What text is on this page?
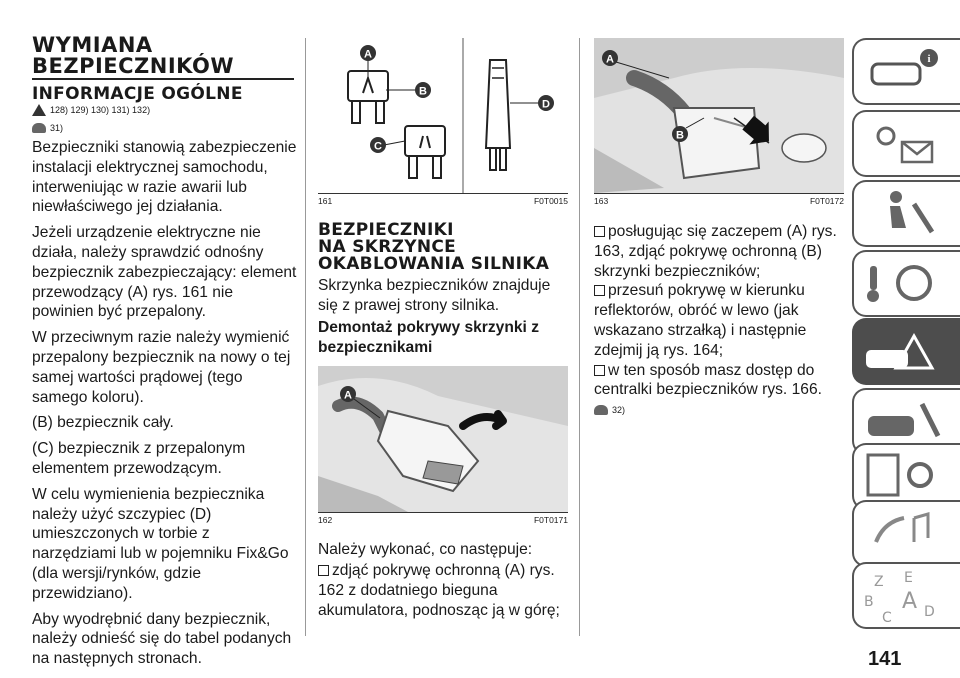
WYMIANA
BEZPIECZNIKÓW
INFORMACJE OGÓLNE
128) 129) 130) 131) 132)
31)

Bezpieczniki stanowią zabezpieczenie instalacji elektrycznej samochodu, interweniując w razie awarii lub niewłaściwego jej działania.

Jeżeli urządzenie elektryczne nie działa, należy sprawdzić odnośny bezpiecznik zabezpieczający: element przewodzący (A) rys. 161 nie powinien być przepalony.

W przeciwnym razie należy wymienić przepalony bezpiecznik na nowy o tej samej wartości prądowej (tego samego koloru).

(B) bezpiecznik cały.

(C) bezpiecznik z przepalonym elementem przewodzącym.

W celu wymienienia bezpiecznika należy użyć szczypiec (D) umieszczonych w torbie z narzędziami lub w pojemniku Fix&Go (dla wersji/rynków, gdzie przewidziano).

Aby wyodrębnić dany bezpiecznik, należy odnieść się do tabel podanych na następnych stronach.

A
B
C
D
161	F0T0015
BEZPIECZNIKI
NA SKRZYNCE
OKABLOWANIA SILNIKA

Skrzynka bezpieczników znajduje się z prawej strony silnika.

Demontaż pokrywy skrzynki z bezpiecznikami

A
162	F0T0171

Należy wykonać, co następuje:

zdjąć pokrywę ochronną (A) rys. 162 z dodatniego bieguna akumulatora, podnosząc ją w górę;

A
B
163	F0T0172

posługując się zaczepem (A) rys. 163, zdjąć pokrywę ochronną (B) skrzynki bezpieczników;

przesuń pokrywę w kierunku reflektorów, obróć w lewo (jak wskazano strzałką) i następnie zdejmij ją rys. 164;

w ten sposób masz dostęp do centralki bezpieczników rys. 166.

32)
i
Z E
B A
C D
141
